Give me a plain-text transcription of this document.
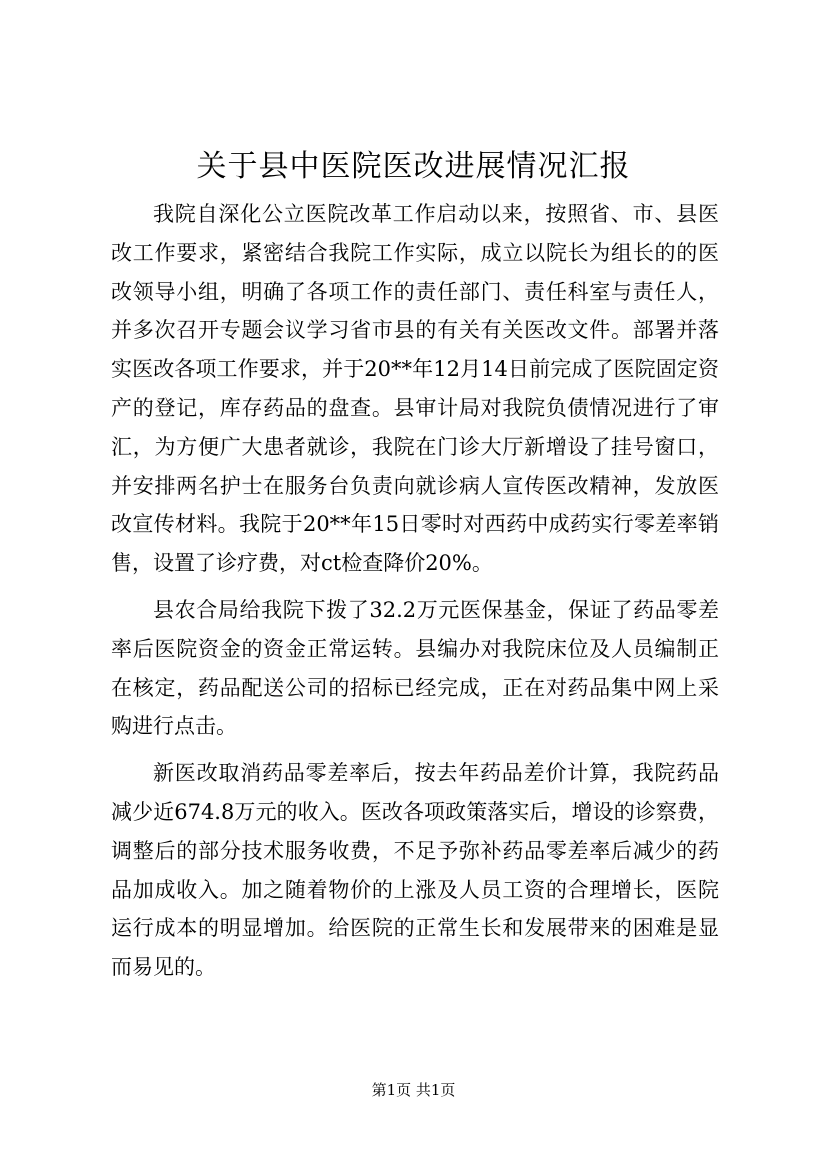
关于县中医院医改进展情况汇报

我院自深化公立医院改革工作启动以来，按照省、市、县医改工作要求，紧密结合我院工作实际，成立以院长为组长的的医改领导小组，明确了各项工作的责任部门、责任科室与责任人，并多次召开专题会议学习省市县的有关有关医改文件。部署并落实医改各项工作要求，并于20**年12月14日前完成了医院固定资产的登记，库存药品的盘查。县审计局对我院负债情况进行了审汇，为方便广大患者就诊，我院在门诊大厅新增设了挂号窗口，并安排两名护士在服务台负责向就诊病人宣传医改精神，发放医改宣传材料。我院于20**年15日零时对西药中成药实行零差率销售，设置了诊疗费，对ct检查降价20%。

县农合局给我院下拨了32.2万元医保基金，保证了药品零差率后医院资金的资金正常运转。县编办对我院床位及人员编制正在核定，药品配送公司的招标已经完成，正在对药品集中网上采购进行点击。

新医改取消药品零差率后，按去年药品差价计算，我院药品减少近674.8万元的收入。医改各项政策落实后，增设的诊察费，调整后的部分技术服务收费，不足予弥补药品零差率后减少的药品加成收入。加之随着物价的上涨及人员工资的合理增长，医院运行成本的明显增加。给医院的正常生长和发展带来的困难是显而易见的。

第1页 共1页
